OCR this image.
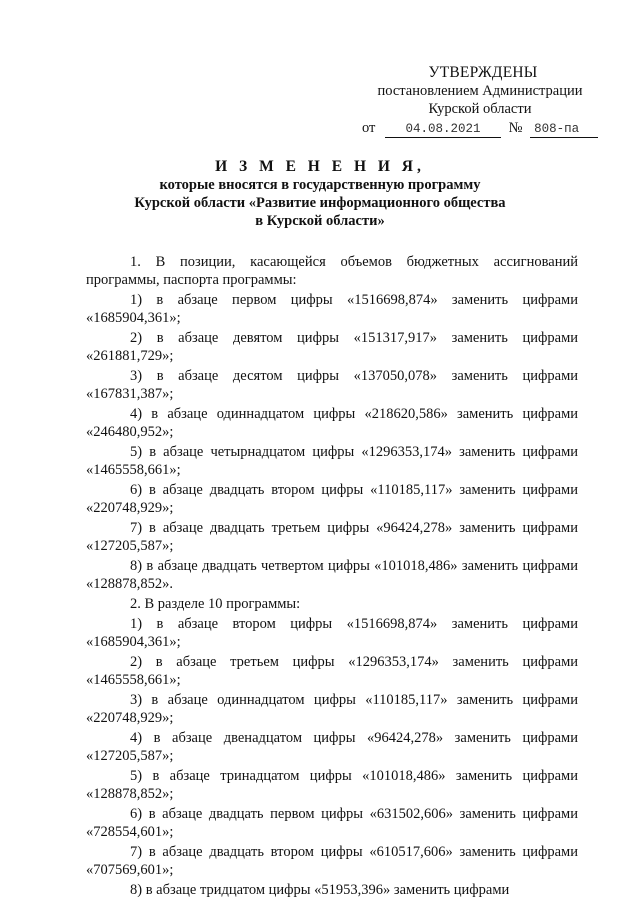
УТВЕРЖДЕНЫ
постановлением Администрации
Курской области
от 04.08.2021 № 808-па
И З М Е Н Е Н И Я,
которые вносятся в государственную программу
Курской области «Развитие информационного общества
в Курской области»
1. В позиции, касающейся объемов бюджетных ассигнований программы, паспорта программы:
1) в абзаце первом цифры «1516698,874» заменить цифрами «1685904,361»;
2) в абзаце девятом цифры «151317,917» заменить цифрами «261881,729»;
3) в абзаце десятом цифры «137050,078» заменить цифрами «167831,387»;
4) в абзаце одиннадцатом цифры «218620,586» заменить цифрами «246480,952»;
5) в абзаце четырнадцатом цифры «1296353,174» заменить цифрами «1465558,661»;
6) в абзаце двадцать втором цифры «110185,117» заменить цифрами «220748,929»;
7) в абзаце двадцать третьем цифры «96424,278» заменить цифрами «127205,587»;
8) в абзаце двадцать четвертом цифры «101018,486» заменить цифрами «128878,852».
2. В разделе 10 программы:
1) в абзаце втором цифры «1516698,874» заменить цифрами «1685904,361»;
2) в абзаце третьем цифры «1296353,174» заменить цифрами «1465558,661»;
3) в абзаце одиннадцатом цифры «110185,117» заменить цифрами «220748,929»;
4) в абзаце двенадцатом цифры «96424,278» заменить цифрами «127205,587»;
5) в абзаце тринадцатом цифры «101018,486» заменить цифрами «128878,852»;
6) в абзаце двадцать первом цифры «631502,606» заменить цифрами «728554,601»;
7) в абзаце двадцать втором цифры «610517,606» заменить цифрами «707569,601»;
8) в абзаце тридцатом цифры «51953,396» заменить цифрами
